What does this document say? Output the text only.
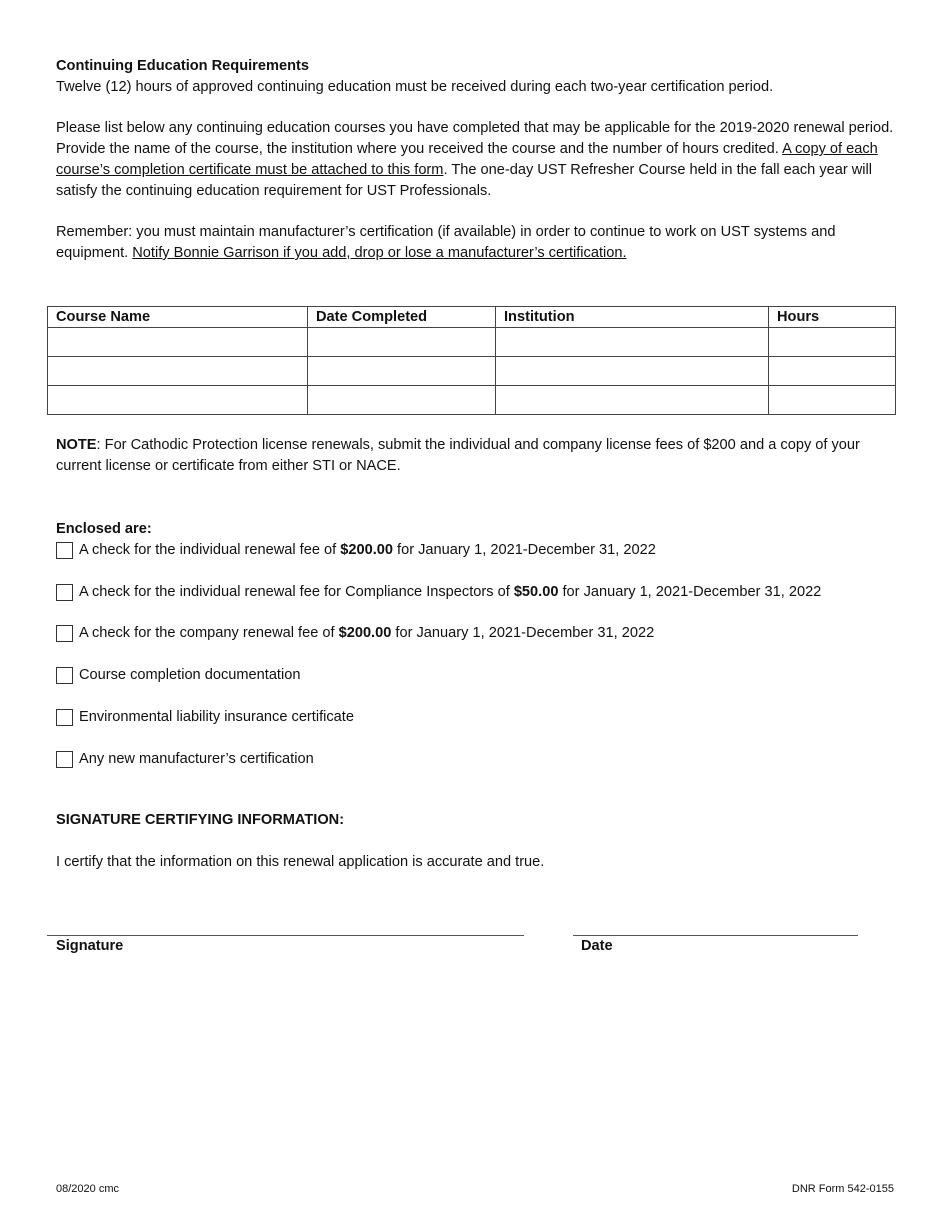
Continuing Education Requirements

Twelve (12) hours of approved continuing education must be received during each two-year certification period.

Please list below any continuing education courses you have completed that may be applicable for the 2019-2020 renewal period. Provide the name of the course, the institution where you received the course and the number of hours credited. A copy of each course’s completion certificate must be attached to this form. The one-day UST Refresher Course held in the fall each year will satisfy the continuing education requirement for UST Professionals.

Remember: you must maintain manufacturer’s certification (if available) in order to continue to work on UST systems and equipment. Notify Bonnie Garrison if you add, drop or lose a manufacturer’s certification.

Course Name	Date Completed	Institution	Hours

NOTE: For Cathodic Protection license renewals, submit the individual and company license fees of $200 and a copy of your current license or certificate from either STI or NACE.

Enclosed are:

A check for the individual renewal fee of $200.00 for January 1, 2021-December 31, 2022
A check for the individual renewal fee for Compliance Inspectors of $50.00 for January 1, 2021-December 31, 2022
A check for the company renewal fee of $200.00 for January 1, 2021-December 31, 2022
Course completion documentation
Environmental liability insurance certificate
Any new manufacturer’s certification

SIGNATURE CERTIFYING INFORMATION:

I certify that the information on this renewal application is accurate and true.

Signature	Date

08/2020 cmc	DNR Form 542-0155
